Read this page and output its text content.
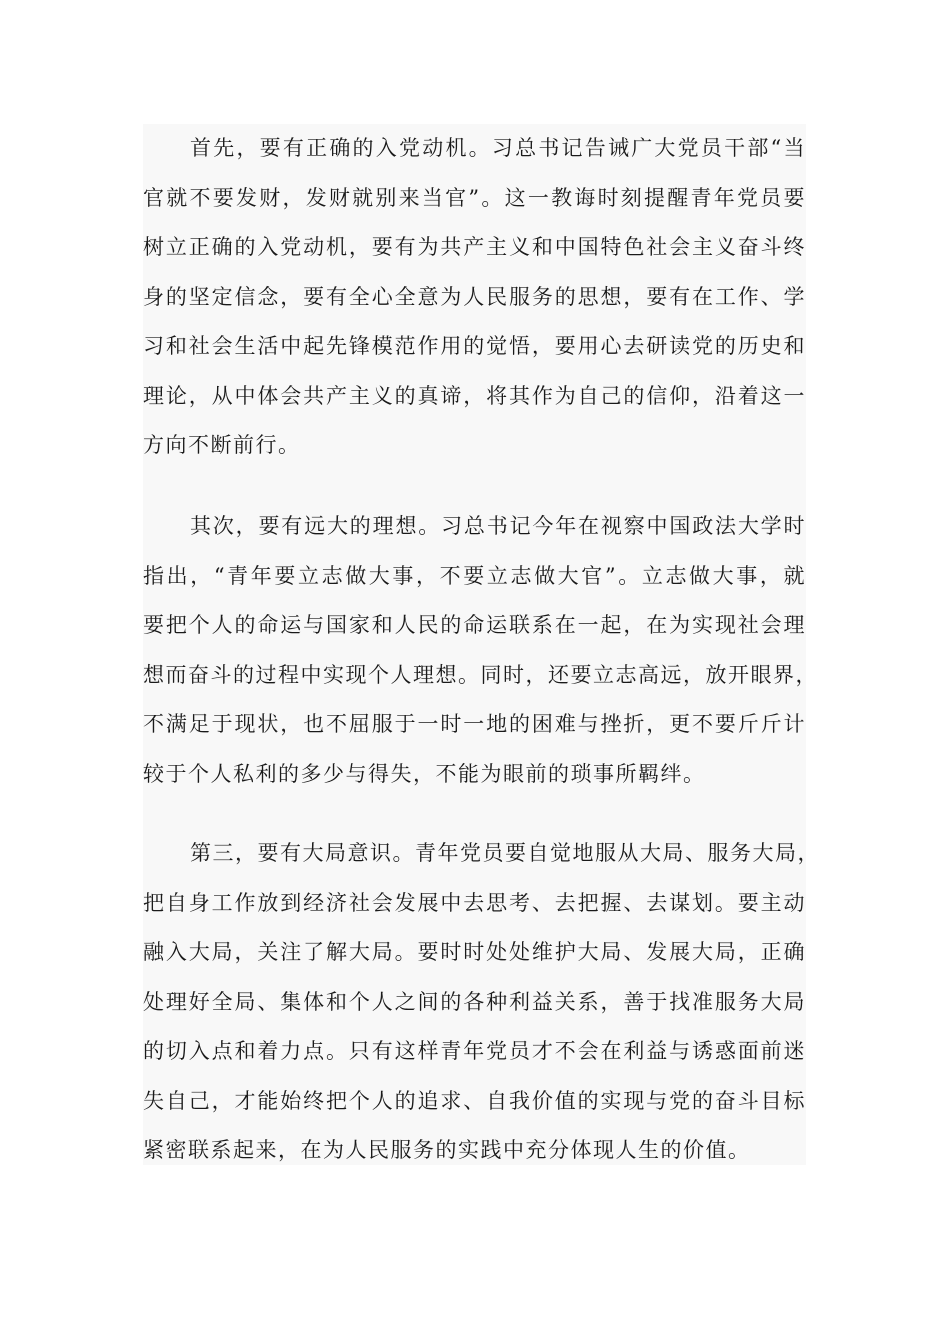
首先，要有正确的入党动机。习总书记告诫广大党员干部“当
官就不要发财，发财就别来当官”。这一教诲时刻提醒青年党员要
树立正确的入党动机，要有为共产主义和中国特色社会主义奋斗终
身的坚定信念，要有全心全意为人民服务的思想，要有在工作、学
习和社会生活中起先锋模范作用的觉悟，要用心去研读党的历史和
理论，从中体会共产主义的真谛，将其作为自己的信仰，沿着这一
方向不断前行。
其次，要有远大的理想。习总书记今年在视察中国政法大学时
指出，“青年要立志做大事，不要立志做大官”。立志做大事，就
要把个人的命运与国家和人民的命运联系在一起，在为实现社会理
想而奋斗的过程中实现个人理想。同时，还要立志高远，放开眼界，
不满足于现状，也不屈服于一时一地的困难与挫折，更不要斤斤计
较于个人私利的多少与得失，不能为眼前的琐事所羁绊。
第三，要有大局意识。青年党员要自觉地服从大局、服务大局，
把自身工作放到经济社会发展中去思考、去把握、去谋划。要主动
融入大局，关注了解大局。要时时处处维护大局、发展大局，正确
处理好全局、集体和个人之间的各种利益关系，善于找准服务大局
的切入点和着力点。只有这样青年党员才不会在利益与诱惑面前迷
失自己，才能始终把个人的追求、自我价值的实现与党的奋斗目标
紧密联系起来，在为人民服务的实践中充分体现人生的价值。
